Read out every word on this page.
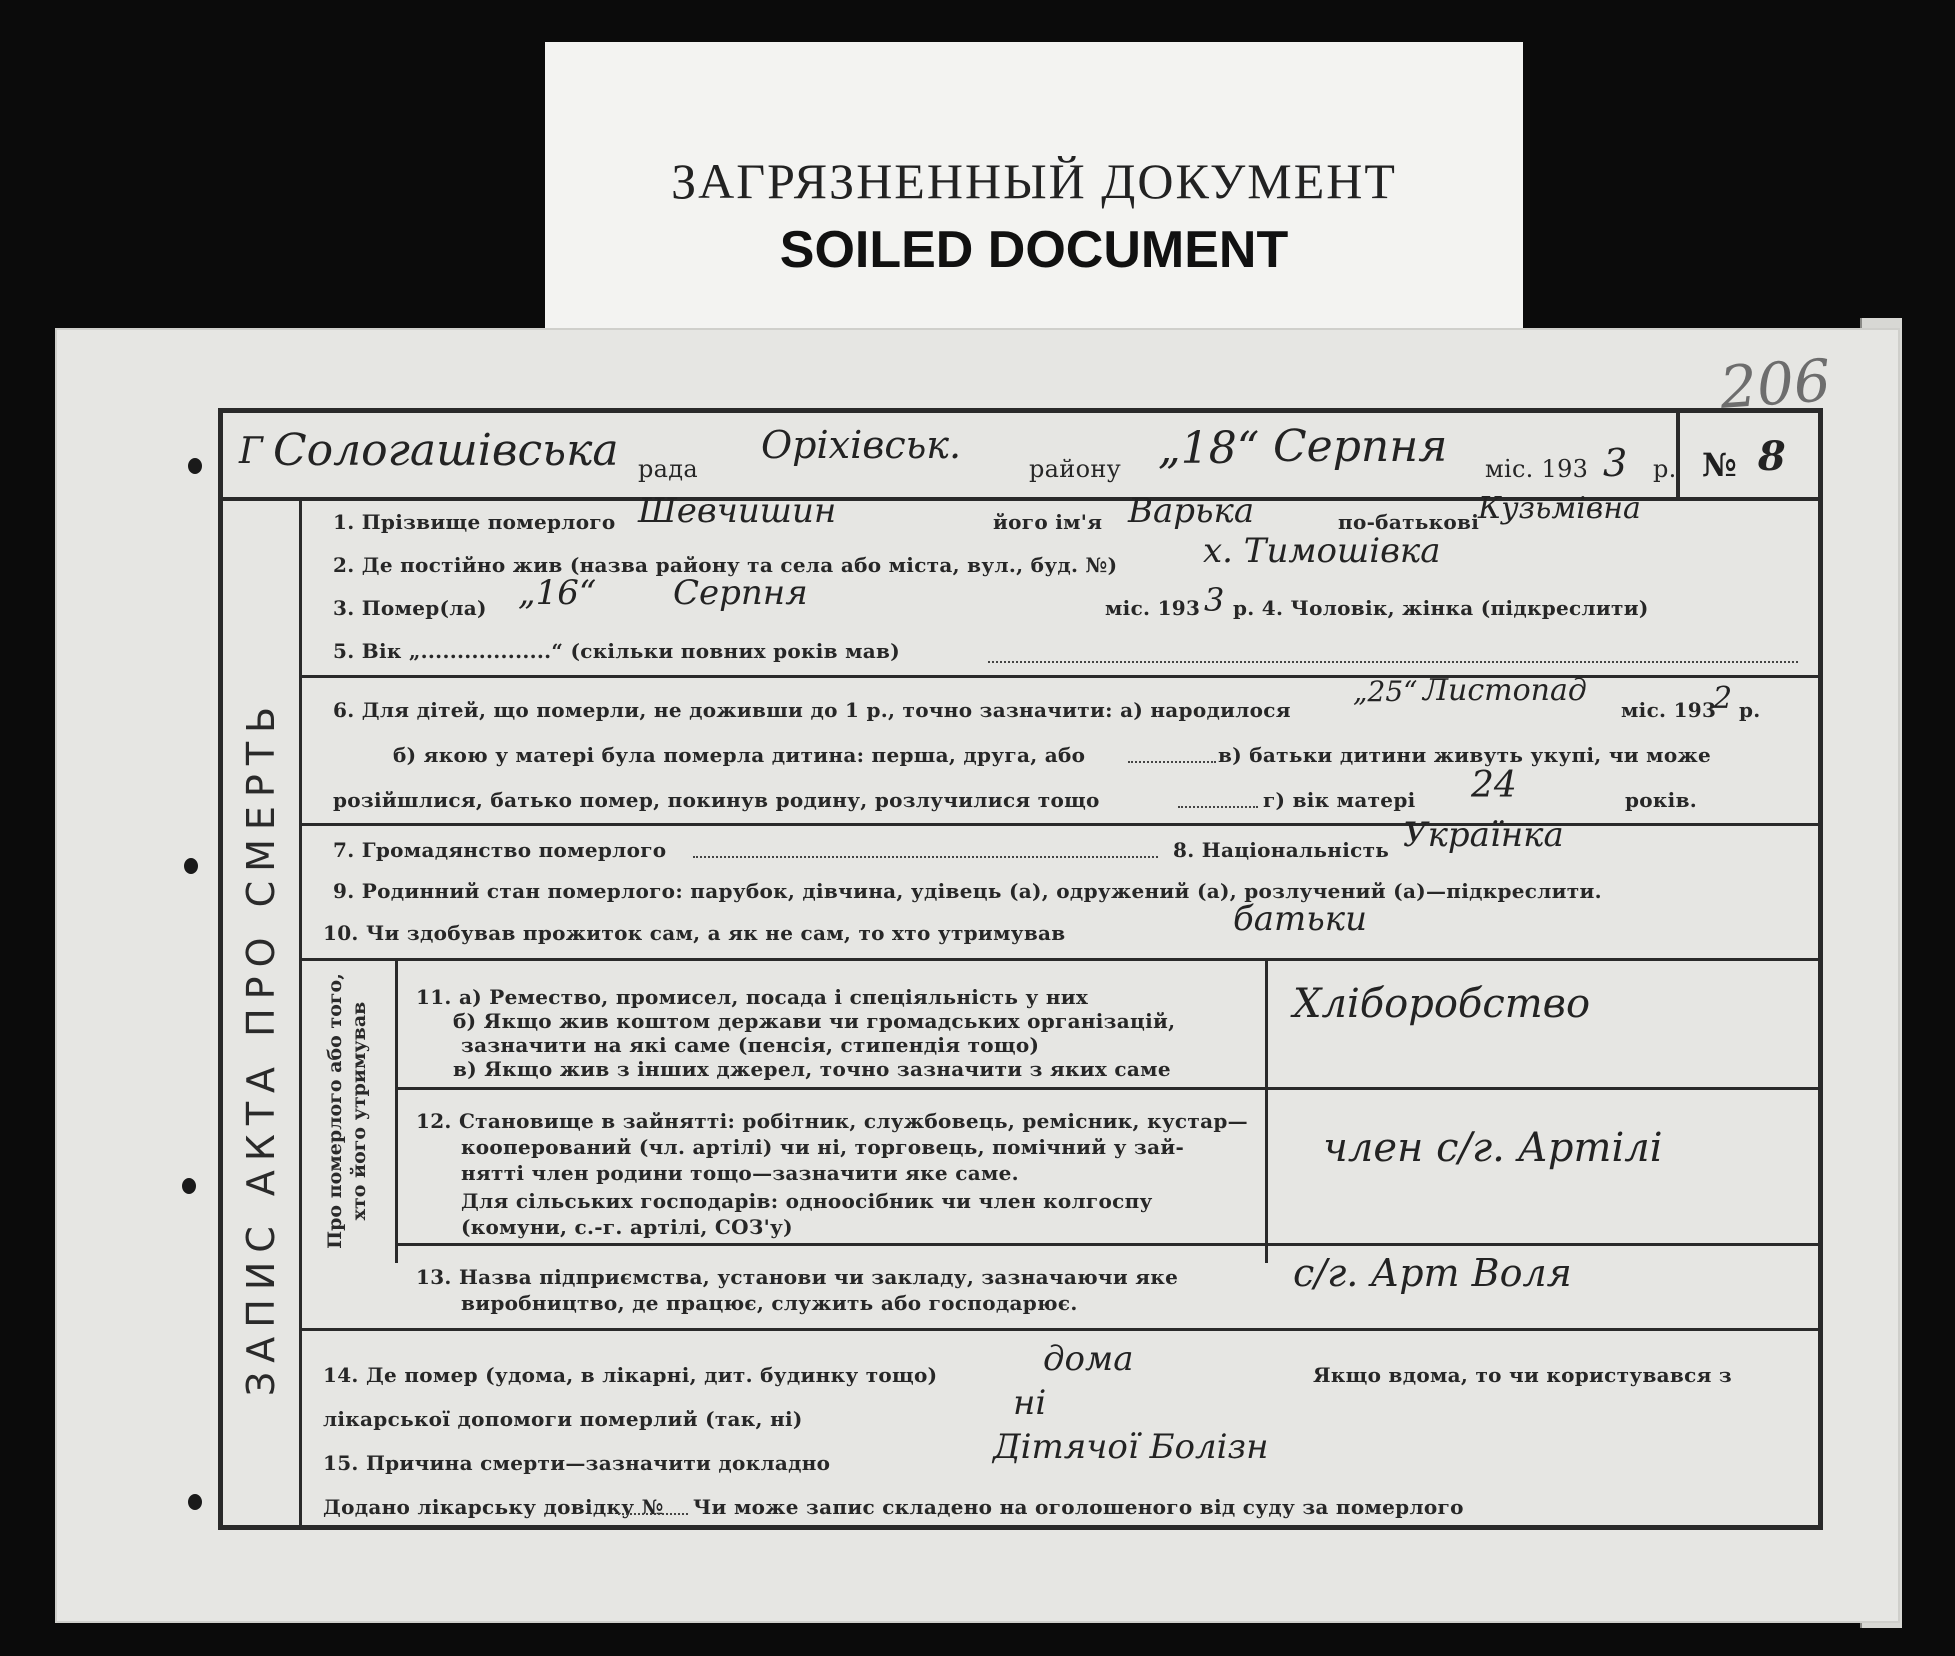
ЗАГРЯЗНЕННЫЙ ДОКУМЕНТ
SOILED DOCUMENT
206
Г Сологашівська рада
Оріхівськ.
району „18“ Серпня міс. 193 3 р. № 8
ЗАПИС АКТА ПРО СМЕРТЬ
1. Прізвище померлого Шевчишин	його ім'я Варька	по-батькові
Кузьмівна
2. Де постійно жив (назва району та села або міста, вул., буд. №)	х. Тимошівка
3. Помер(ла) „16“ Серпня	міс. 193 3 р. 4. Чоловік, жінка (підкреслити)
5. Вік „..................“ (скільки повних років мав)
6. Для дітей, що померли, не доживши до 1 р., точно зазначити: а) народилося
„25“ Листопад
міс. 193
2 р.
б) якою у матері була померла дитина: перша, друга, або	в) батьки дитини живуть укупі, чи може
розійшлися, батько помер, покинув родину, розлучилися тощо	г) вік матері 24	років.
7. Громадянство померлого	8. Національність Українка
9. Родинний стан померлого: парубок, дівчина, удівець (а), одружений (а), розлучений (а)—підкреслити.
10. Чи здобував прожиток сам, а як не сам, то хто утримував	батьки
Про померлого або того, хто його утримував
11. а) Ремество, промисел, посада і спеціяльність у них
б) Якщо жив коштом держави чи громадських організацій,
зазначити на які саме (пенсія, стипендія тощо)
в) Якщо жив з інших джерел, точно зазначити з яких саме
Хліборобство
12. Становище в зайнятті: робітник, службовець, ремісник, кустар—
кооперований (чл. артілі) чи ні, торговець, помічний у зай-
нятті член родини тощо—зазначити яке саме.
Для сільських господарів: одноосібник чи член колгоспу
(комуни, с.-г. артілі, СОЗ'у)
член с/г. Артілі
13. Назва підприємства, установи чи закладу, зазначаючи яке
виробництво, де працює, служить або господарює.
с/г. Арт Воля
14. Де помер (удома, в лікарні, дит. будинку тощо)	дома	Якщо вдома, то чи користувався з
лікарської допомоги померлий (так, ні)	ні
15. Причина смерти—зазначити докладно	Дітячої Болізн
Додано лікарську довідку № Чи може запис складено на оголошеного від суду за померлого
